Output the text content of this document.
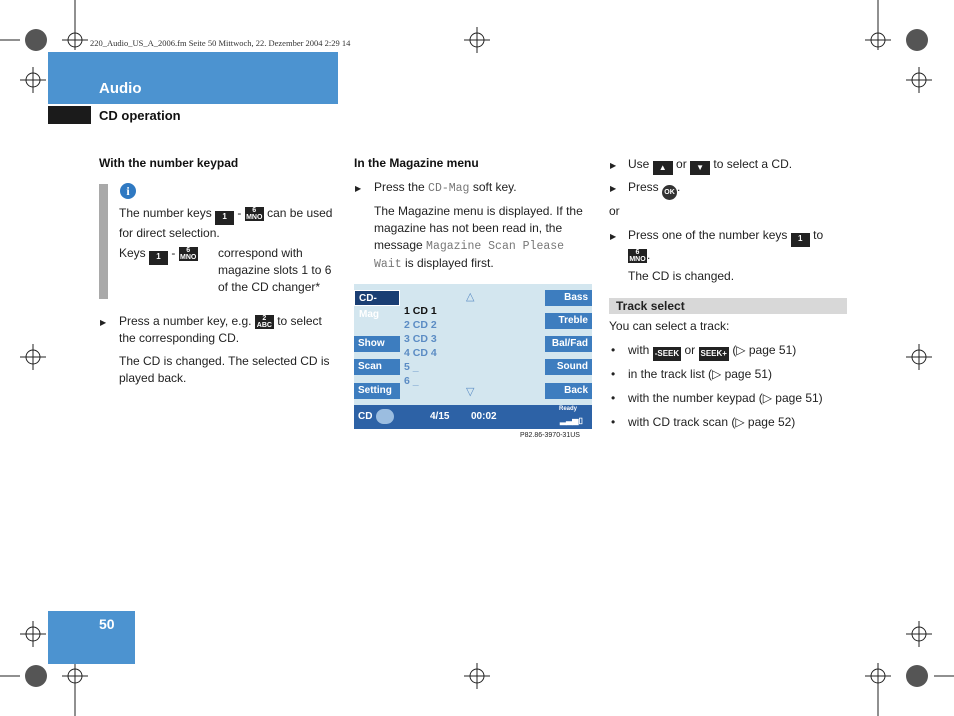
220_Audio_US_A_2006.fm Seite 50 Mittwoch, 22. Dezember 2004 2:29 14
Audio
CD operation
With the number keypad
i
The number keys 1 - 6
MNO can be used for direct selection.
Keys 1 - 6
MNO	correspond with magazine slots 1 to 6 of the CD changer*
▶ Press a number key, e.g. 2
ABC to select the corresponding CD.
The CD is changed. The selected CD is played back.
In the Magazine menu
▶ Press the CD-Mag soft key.
The Magazine menu is displayed. If the magazine has not been read in, the message Magazine Scan Please Wait is displayed first.
CD-Mag
Show
Scan
Setting
Bass
Treble
Bal/Fad
Sound
Back
△
▽
1 CD 1
2 CD 2
3 CD 3
4 CD 4
5 _
6 _
CD	4/15 00:02
Ready
▂▃▅▯
P82.86-3970-31US
▶ Use ▲ or ▼ to select a CD.
▶ Press OK .
or
▶ Press one of the number keys 1 to
6
MNO.
The CD is changed.
Track select
You can select a track:
• with -SEEK or SEEK+ (▷ page 51)
• in the track list (▷ page 51)
• with the number keypad (▷ page 51)
• with CD track scan (▷ page 52)
50
